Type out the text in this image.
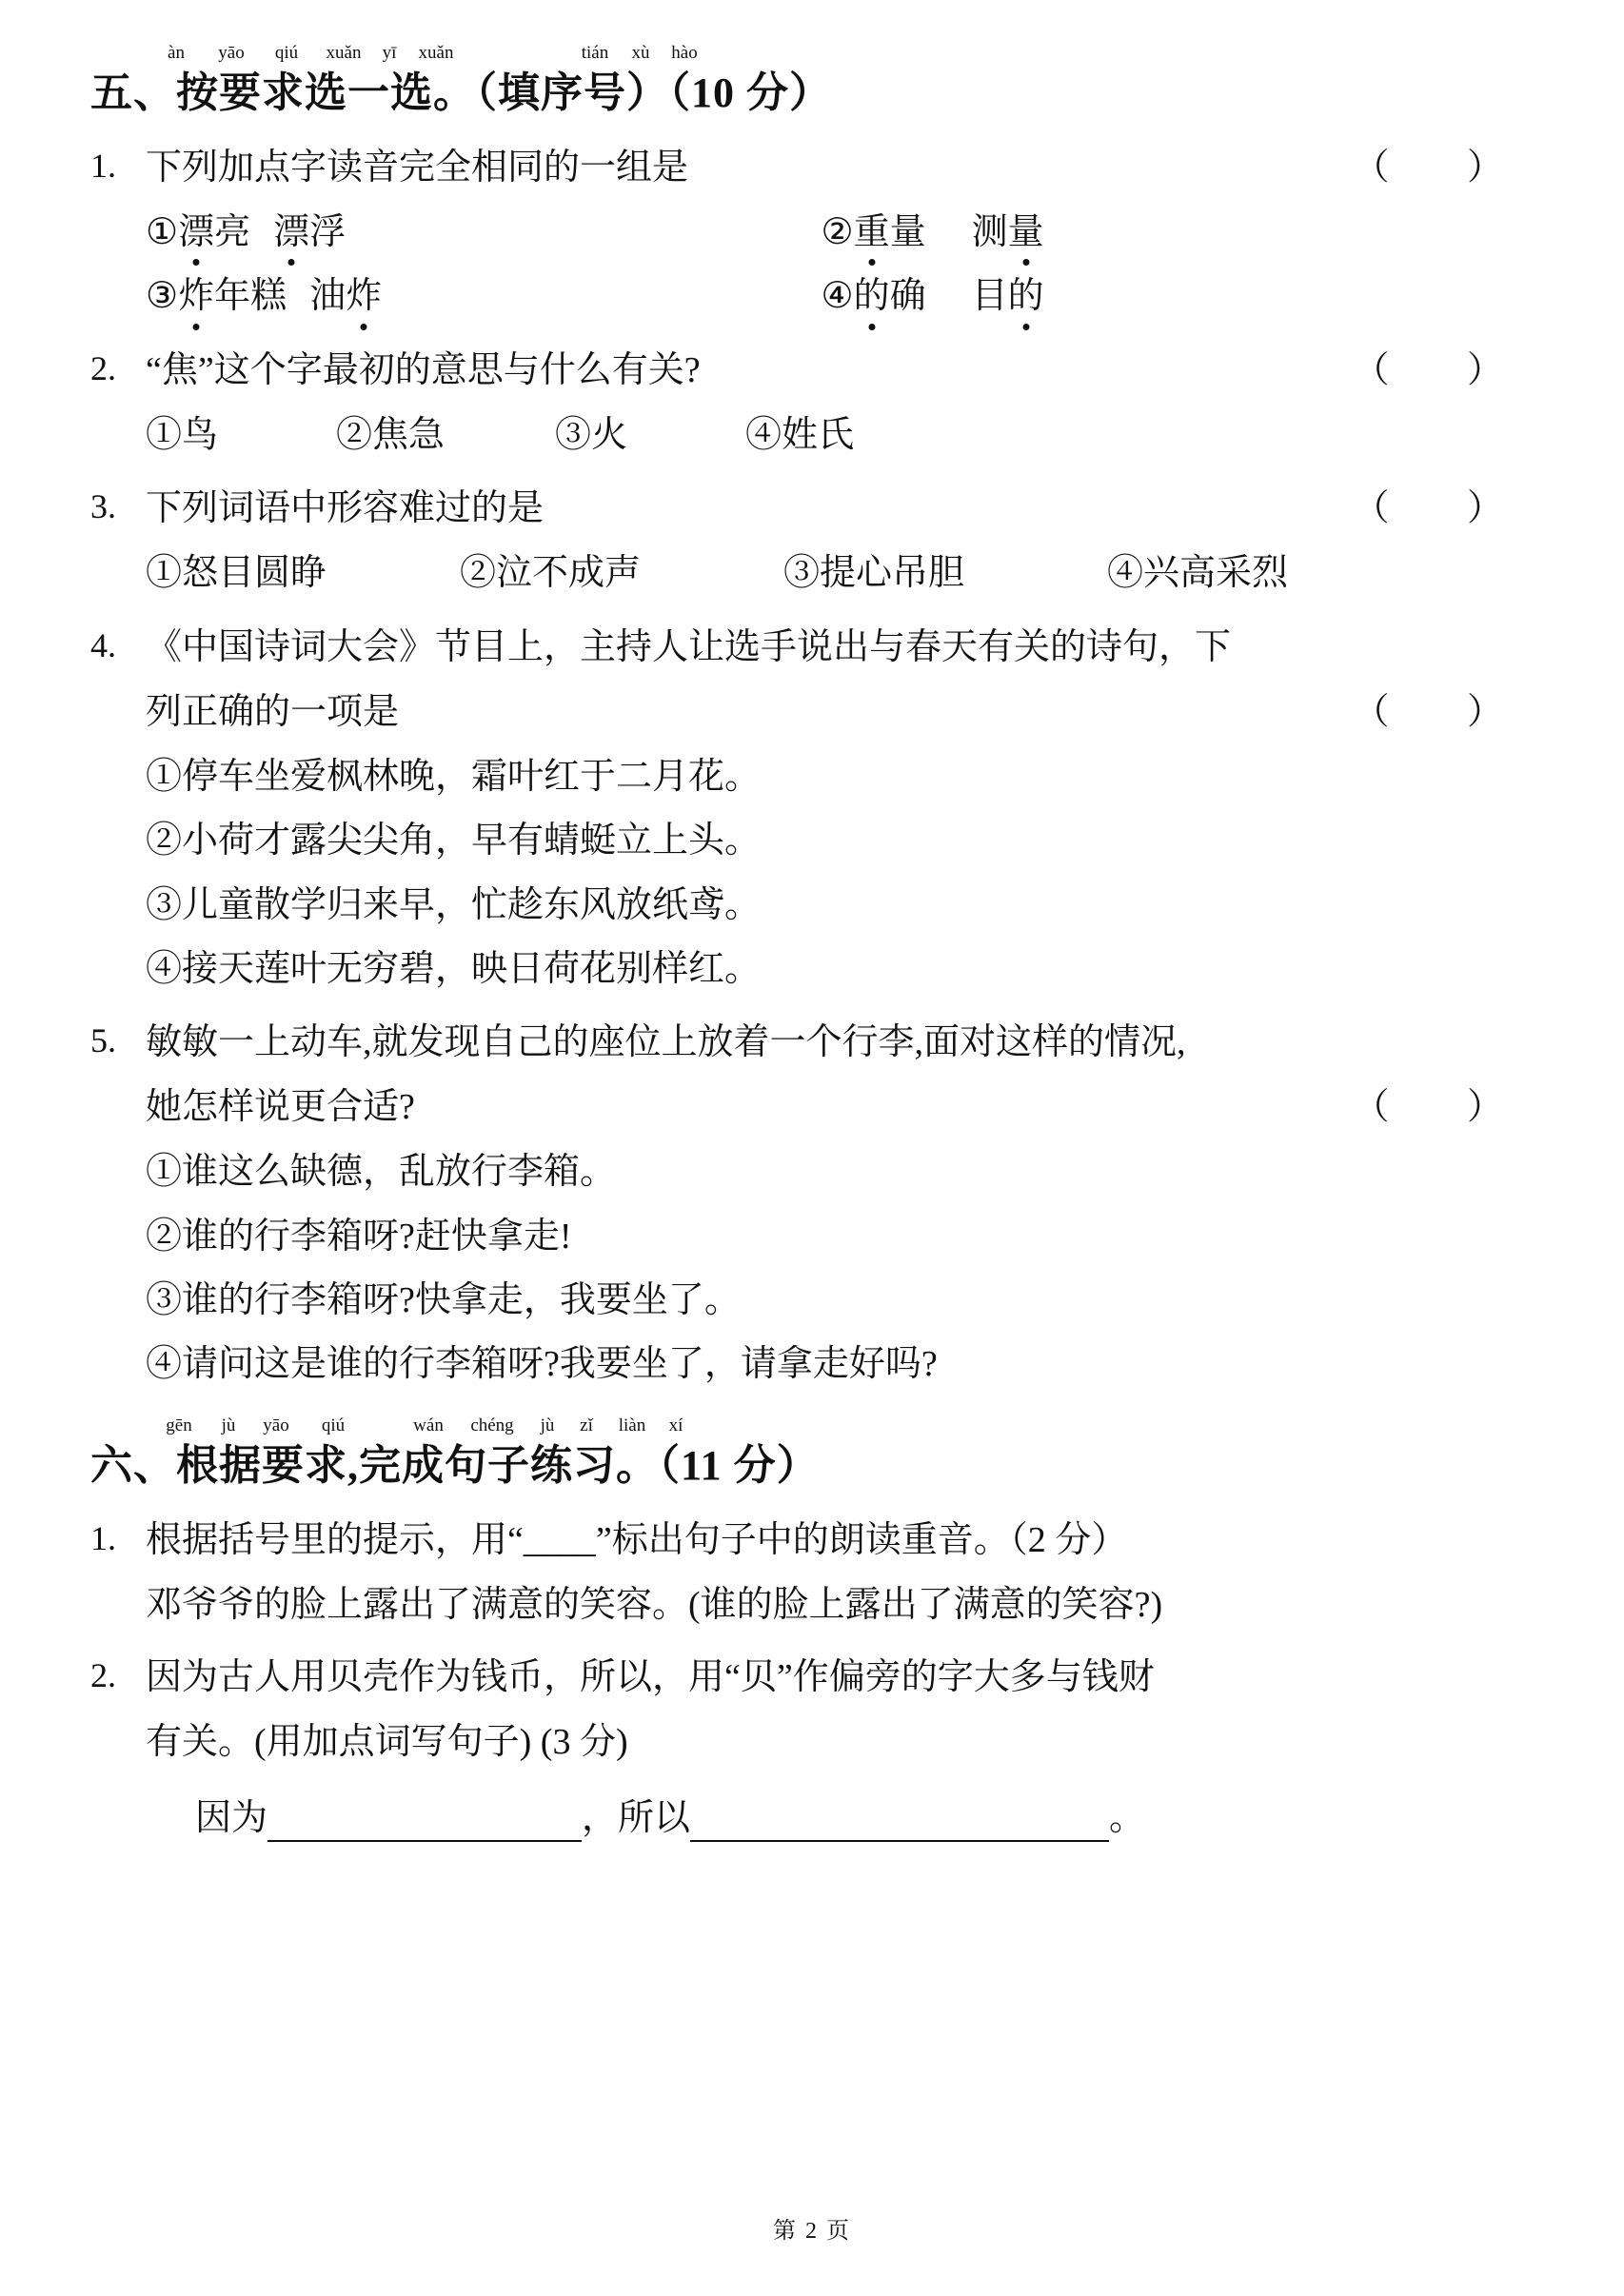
àn yāo qiú xuǎn yī xuǎn	tián xù hào
五、按要求选一选。（填序号）（10 分）
1. 下列加点字读音完全相同的一组是	（ ）
①漂亮 漂浮	②重量 测量
③炸年糕 油炸	④的确 目的
2. “焦”这个字最初的意思与什么有关?	（ ）
①鸟	②焦急	③火	④姓氏
3. 下列词语中形容难过的是	（ ）
①怒目圆睁	②泣不成声	③提心吊胆	④兴高采烈
4. 《中国诗词大会》节目上，主持人让选手说出与春天有关的诗句，下
列正确的一项是	（ ）
①停车坐爱枫林晚，霜叶红于二月花。
②小荷才露尖尖角，早有蜻蜓立上头。
③儿童散学归来早，忙趁东风放纸鸢。
④接天莲叶无穷碧，映日荷花别样红。
5. 敏敏一上动车,就发现自己的座位上放着一个行李,面对这样的情况,
她怎样说更合适?	（ ）
①谁这么缺德，乱放行李箱。
②谁的行李箱呀?赶快拿走!
③谁的行李箱呀?快拿走，我要坐了。
④请问这是谁的行李箱呀?我要坐了，请拿走好吗?
gēn jù yāo qiú	wán chéng jù zǐ liàn xí
六、根据要求,完成句子练习。（11 分）
1. 根据括号里的提示，用“____”标出句子中的朗读重音。（2 分）
邓爷爷的脸上露出了满意的笑容。(谁的脸上露出了满意的笑容?)
2. 因为古人用贝壳作为钱币，所以，用“贝”作偏旁的字大多与钱财
有关。(用加点词写句子) (3 分)
因为	，所以	。
第 2 页
